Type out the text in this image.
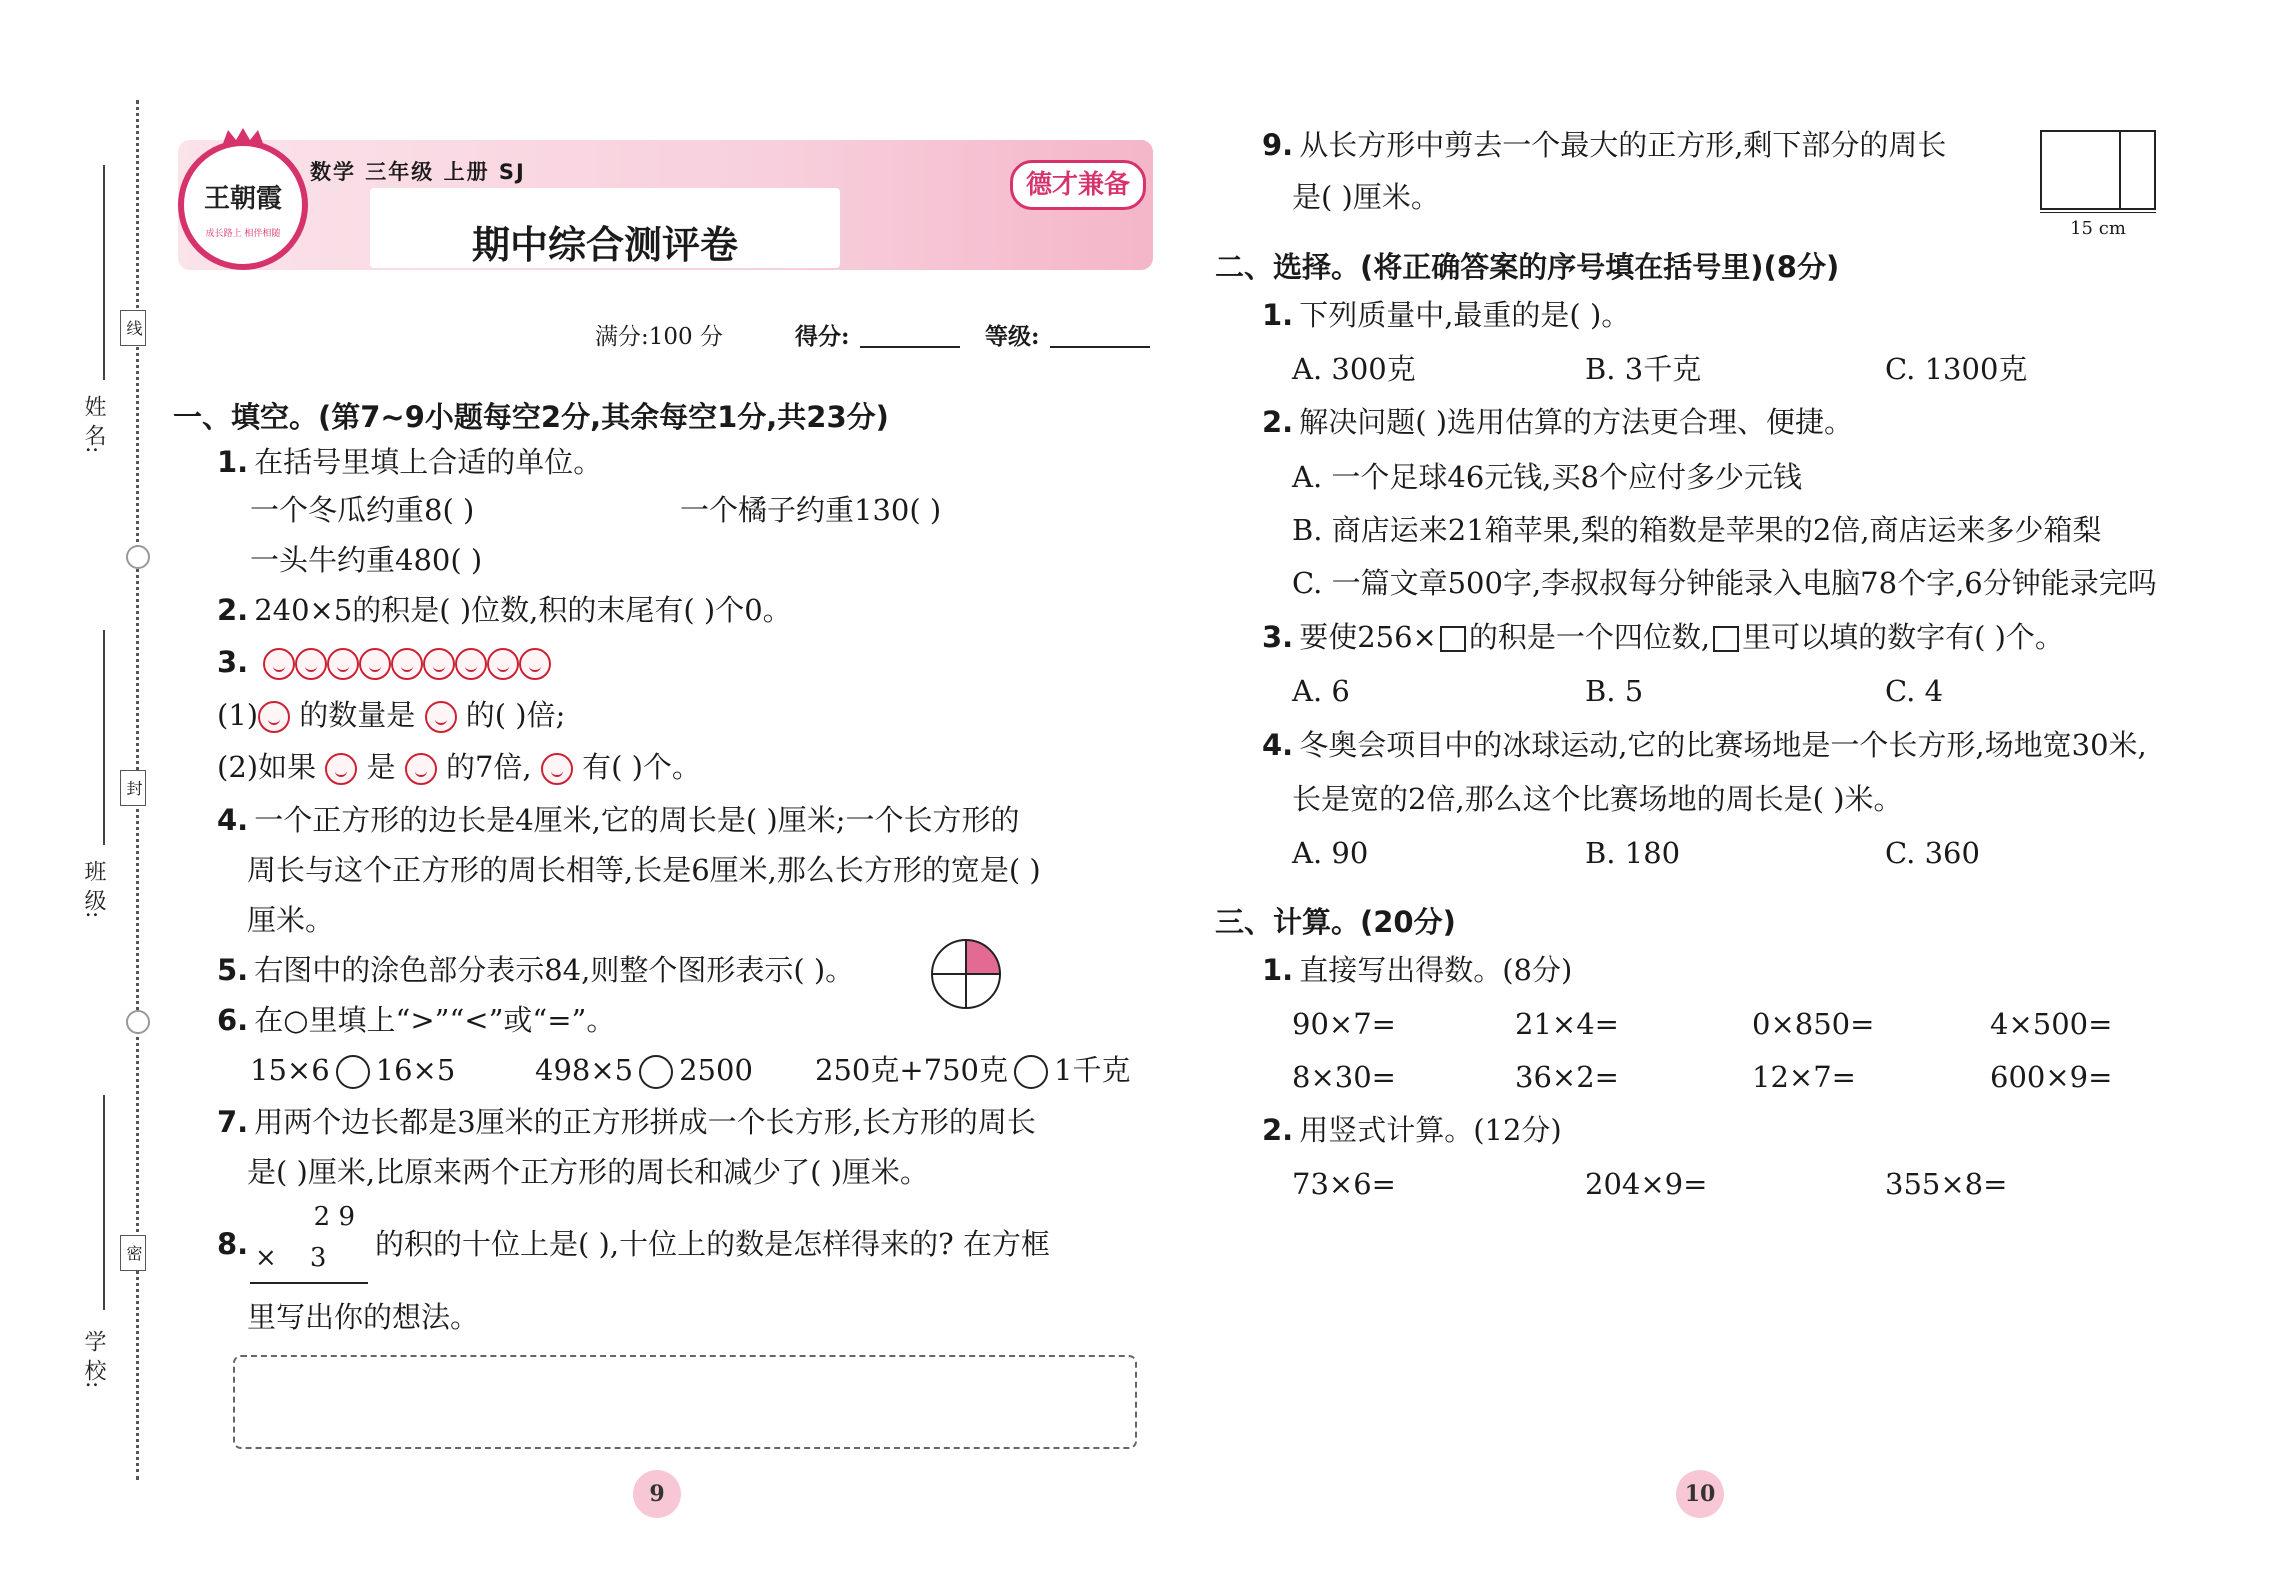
姓 名:
班 级:
学 校:
线
封
密
王朝霞
成长路上 相伴相随
数学 三年级 上册 SJ
期中综合测评卷
德才兼备
满分:100 分	得分:	等级:
一、填空。(第7~9小题每空2分,其余每空1分,共23分)
1. 在括号里填上合适的单位。
一个冬瓜约重8( )	一个橘子约重130( )
一头牛约重480( )
2. 240×5的积是( )位数,积的末尾有( )个0。
3.
(1) 的数量是  的( )倍;
(2)如果  是  的7倍,  有( )个。
4. 一个正方形的边长是4厘米,它的周长是( )厘米;一个长方形的
周长与这个正方形的周长相等,长是6厘米,那么长方形的宽是( )
厘米。
5. 右图中的涂色部分表示84,则整个图形表示( )。
6. 在○里填上“>”“<”或“=”。
15×6 16×5	498×5 2500 250克+750克 1千克
7. 用两个边长都是3厘米的正方形拼成一个长方形,长方形的周长
是( )厘米,比原来两个正方形的周长和减少了( )厘米。
8.
2 9
×    3	的积的十位上是( ),十位上的数是怎样得来的? 在方框
里写出你的想法。
9. 从长方形中剪去一个最大的正方形,剩下部分的周长
是( )厘米。
15 cm
二、选择。(将正确答案的序号填在括号里)(8分)
1. 下列质量中,最重的是( )。
A. 300克	B. 3千克	C. 1300克
2. 解决问题( )选用估算的方法更合理、便捷。
A. 一个足球46元钱,买8个应付多少元钱
B. 商店运来21箱苹果,梨的箱数是苹果的2倍,商店运来多少箱梨
C. 一篇文章500字,李叔叔每分钟能录入电脑78个字,6分钟能录完吗
3. 要使256× 的积是一个四位数, 里可以填的数字有( )个。
A. 6	B. 5	C. 4
4. 冬奥会项目中的冰球运动,它的比赛场地是一个长方形,场地宽30米,
长是宽的2倍,那么这个比赛场地的周长是( )米。
A. 90	B. 180	C. 360
三、计算。(20分)
1. 直接写出得数。(8分)
90×7=	21×4=	0×850=	4×500=
8×30=	36×2=	12×7=	600×9=
2. 用竖式计算。(12分)
73×6=	204×9=	355×8=
9	10
